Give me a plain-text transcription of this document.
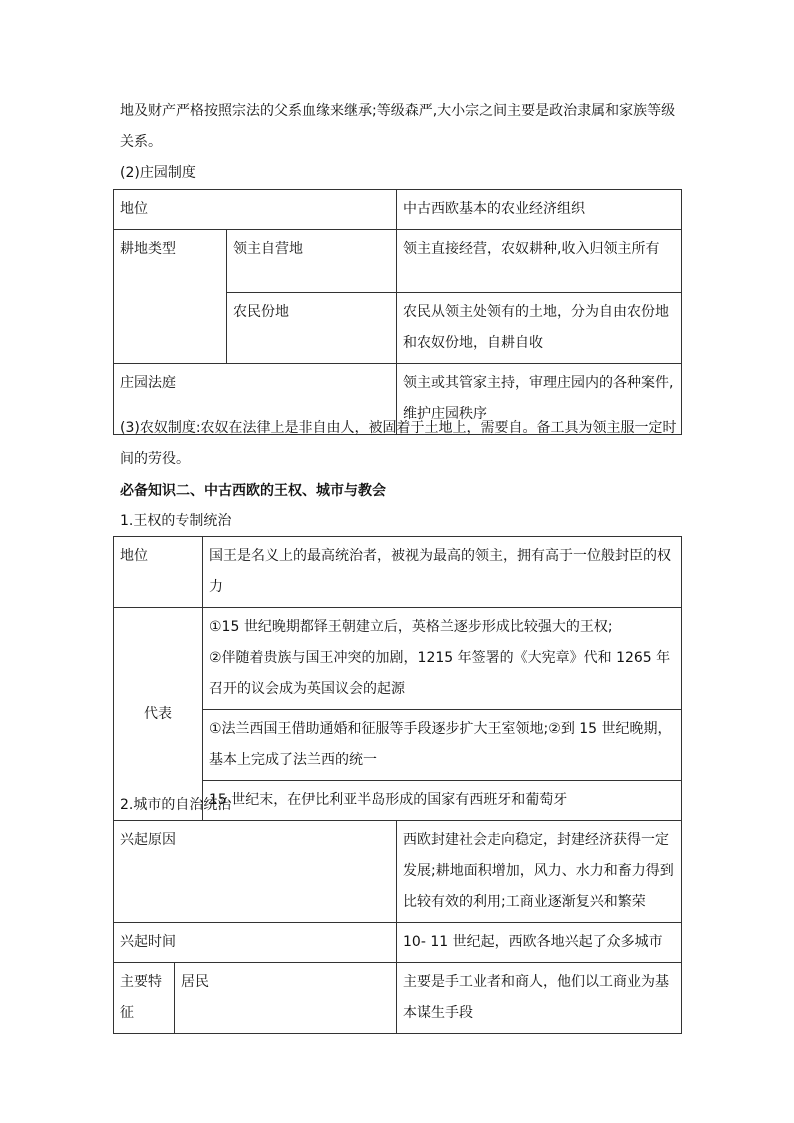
地及财产严格按照宗法的父系血缘来继承;等级森严,大小宗之间主要是政治隶属和家族等级关系。

(2)庄园制度

地位		中古西欧基本的农业经济组织
耕地类型	领主自营地	领主直接经营，农奴耕种,收入归领主所有
	农民份地	农民从领主处领有的土地，分为自由农份地和农奴份地，自耕自收
庄园法庭		领主或其管家主持，审理庄园内的各种案件,维护庄园秩序

(3)农奴制度:农奴在法律上是非自由人，被固着于土地上，需要自。备工具为领主服一定时间的劳役。

必备知识二、中古西欧的王权、城市与教会

1.王权的专制统治

地位	国王是名义上的最高统治者，被视为最高的领主，拥有高于一位般封臣的权力
代表	①15 世纪晚期都铎王朝建立后，英格兰逐步形成比较强大的王权;
②伴随着贵族与国王冲突的加剧，1215 年签署的《大宪章》代和 1265 年召开的议会成为英国议会的起源
	①法兰西国王借助通婚和征服等手段逐步扩大王室领地;②到 15 世纪晚期，基本上完成了法兰西的统一
	15 世纪末，在伊比利亚半岛形成的国家有西班牙和葡萄牙

2.城市的自治统治

兴起原因		西欧封建社会走向稳定，封建经济获得一定发展;耕地面积增加，风力、水力和畜力得到比较有效的利用;工商业逐渐复兴和繁荣
兴起时间		10- 11 世纪起，西欧各地兴起了众多城市
主要特征	居民	主要是手工业者和商人，他们以工商业为基本谋生手段
